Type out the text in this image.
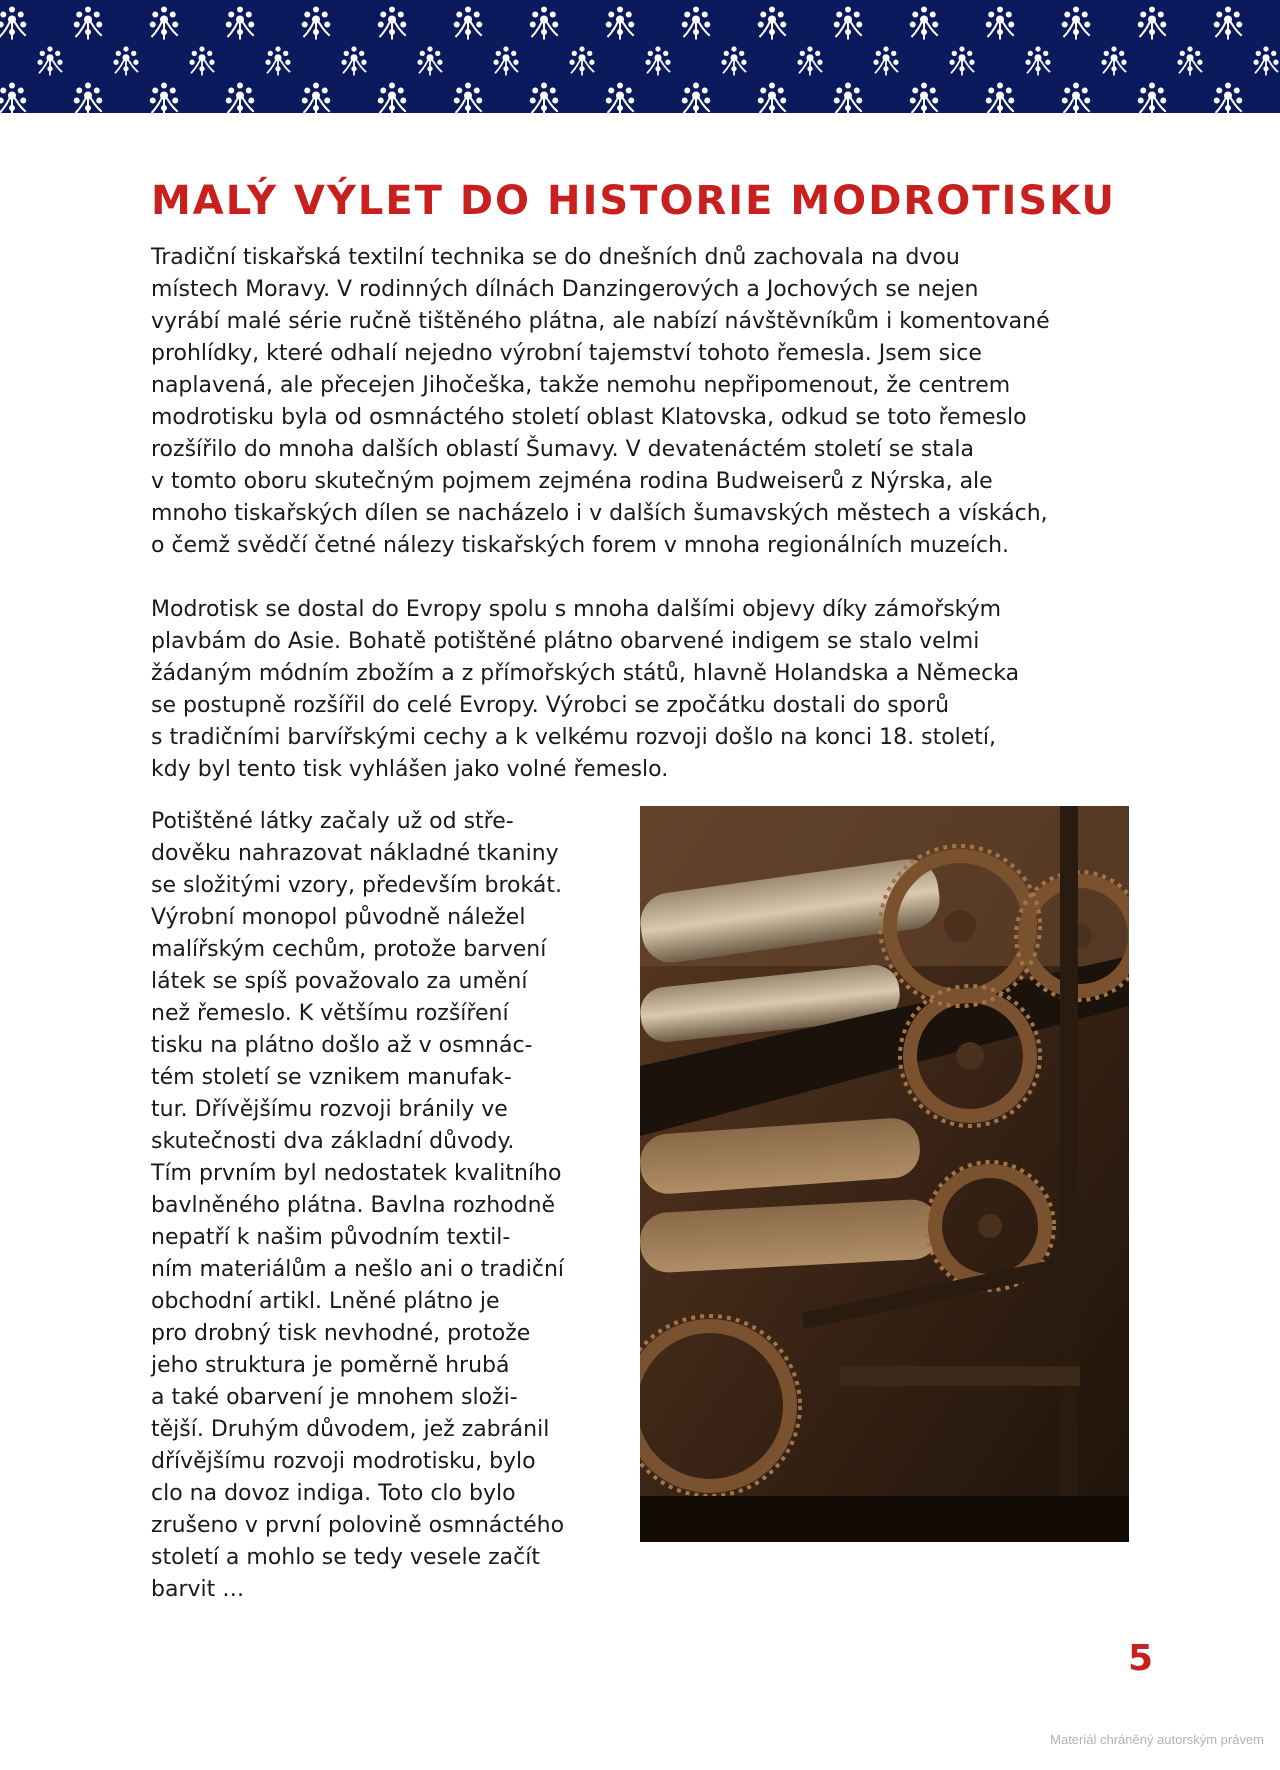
MALÝ VÝLET DO HISTORIE MODROTISKU

Tradiční tiskařská textilní technika se do dnešních dnů zachovala na dvou
místech Moravy. V rodinných dílnách Danzingerových a Jochových se nejen
vyrábí malé série ručně tištěného plátna, ale nabízí návštěvníkům i komentované
prohlídky, které odhalí nejedno výrobní tajemství tohoto řemesla. Jsem sice
naplavená, ale přecejen Jihočeška, takže nemohu nepřipomenout, že centrem
modrotisku byla od osmnáctého století oblast Klatovska, odkud se toto řemeslo
rozšířilo do mnoha dalších oblastí Šumavy. V devatenáctém století se stala
v tomto oboru skutečným pojmem zejména rodina Budweiserů z Nýrska, ale
mnoho tiskařských dílen se nacházelo i v dalších šumavských městech a vískách,
o čemž svědčí četné nálezy tiskařských forem v mnoha regionálních muzeích.

Modrotisk se dostal do Evropy spolu s mnoha dalšími objevy díky zámořským
plavbám do Asie. Bohatě potištěné plátno obarvené indigem se stalo velmi
žádaným módním zbožím a z přímořských států, hlavně Holandska a Německa
se postupně rozšířil do celé Evropy. Výrobci se zpočátku dostali do sporů
s tradičními barvířskými cechy a k velkému rozvoji došlo na konci 18. století,
kdy byl tento tisk vyhlášen jako volné řemeslo.

Potištěné látky začaly už od stře-
dověku nahrazovat nákladné tkaniny
se složitými vzory, především brokát.
Výrobní monopol původně náležel
malířským cechům, protože barvení
látek se spíš považovalo za umění
než řemeslo. K většímu rozšíření
tisku na plátno došlo až v osmnác-
tém století se vznikem manufak-
tur. Dřívějšímu rozvoji bránily ve
skutečnosti dva základní důvody.
Tím prvním byl nedostatek kvalitního
bavlněného plátna. Bavlna rozhodně
nepatří k našim původním textil-
ním materiálům a nešlo ani o tradiční
obchodní artikl. Lněné plátno je
pro drobný tisk nevhodné, protože
jeho struktura je poměrně hrubá
a také obarvení je mnohem složi-
tější. Druhým důvodem, jež zabránil
dřívějšímu rozvoji modrotisku, bylo
clo na dovoz indiga. Toto clo bylo
zrušeno v první polovině osmnáctého
století a mohlo se tedy vesele začít
barvit …

5
Materiál chráněný autorským právem
